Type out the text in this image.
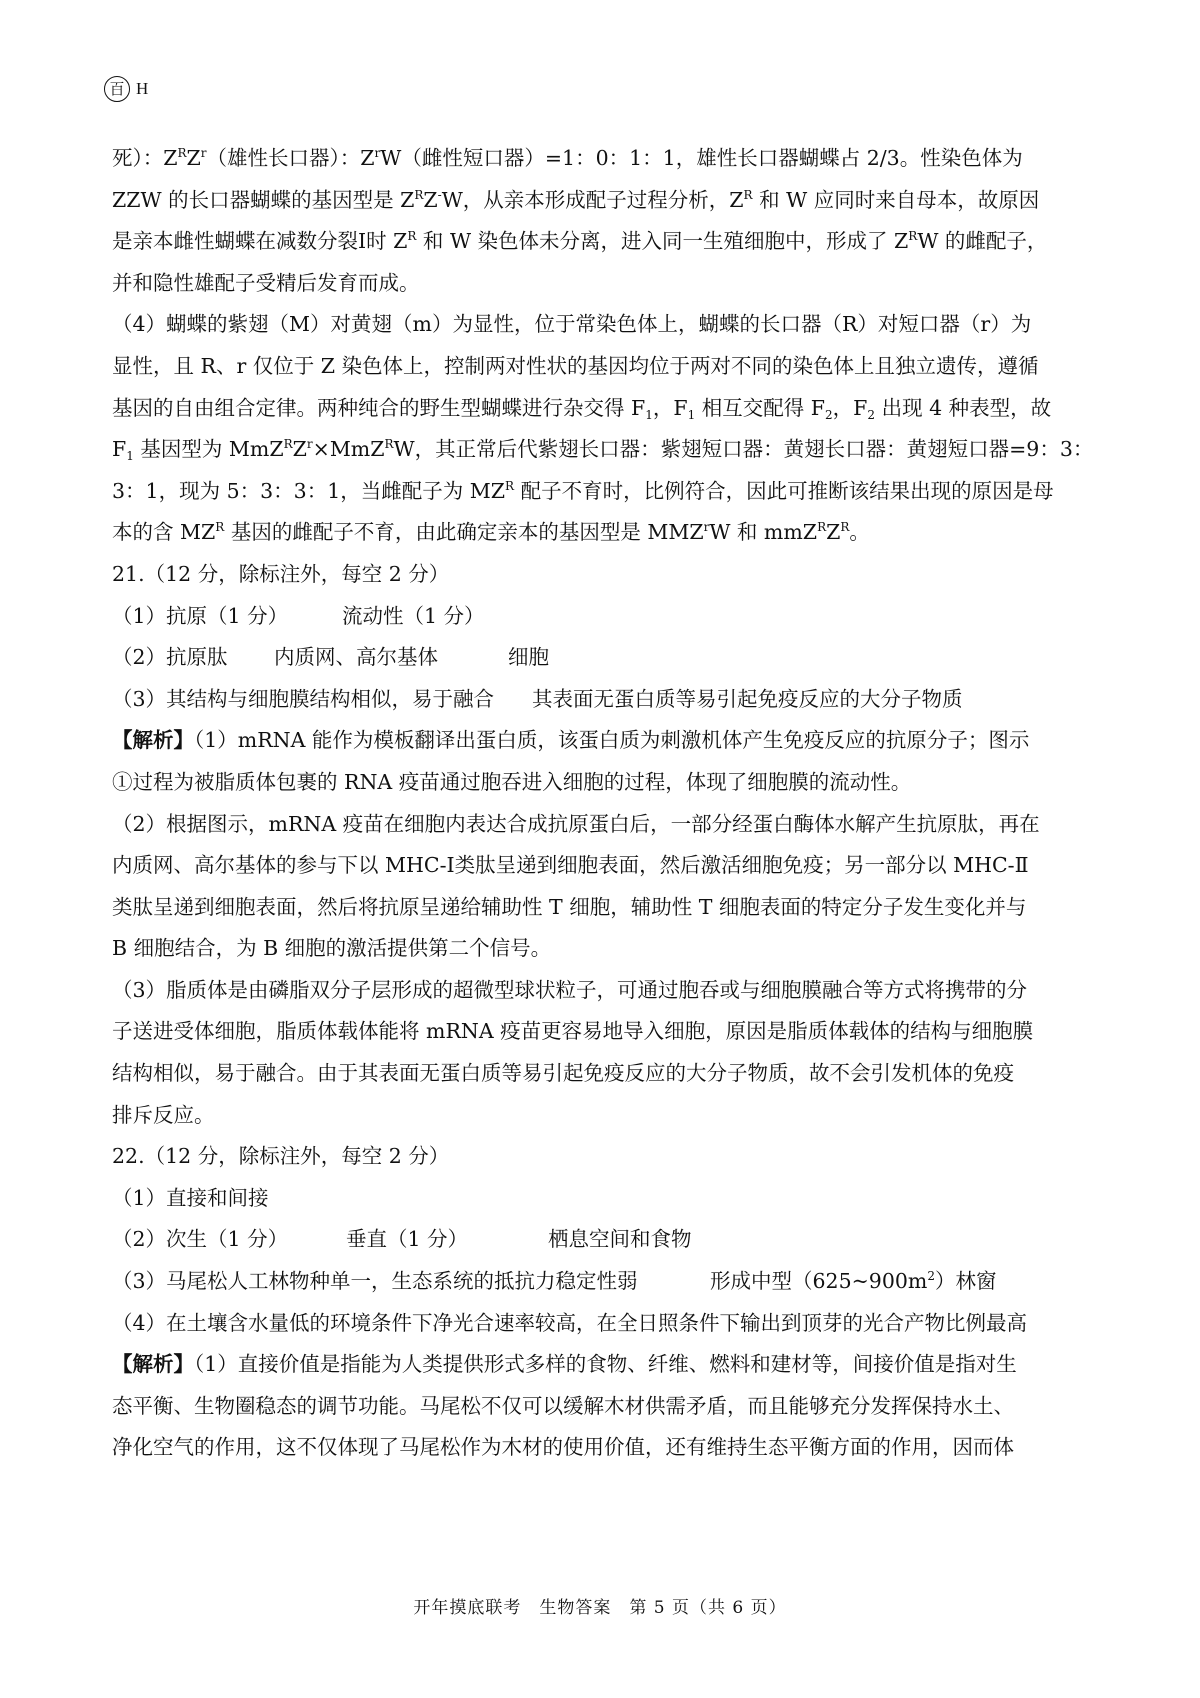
百 H

死）：$Z^RZ^r$（雄性长口器）：$Z^rW$（雌性短口器）=1：0：1：1，雄性长口器蝴蝶占 2/3。性染色体为

ZZW 的长口器蝴蝶的基因型是 $Z^RZ^-W$，从亲本形成配子过程分析，$Z^R$ 和 W 应同时来自母本，故原因

是亲本雌性蝴蝶在减数分裂Ⅰ时 $Z^R$ 和 W 染色体未分离，进入同一生殖细胞中，形成了 $Z^RW$ 的雌配子，

并和隐性雄配子受精后发育而成。

（4）蝴蝶的紫翅（M）对黄翅（m）为显性，位于常染色体上，蝴蝶的长口器（R）对短口器（r）为

显性，且 R、r 仅位于 Z 染色体上，控制两对性状的基因均位于两对不同的染色体上且独立遗传，遵循

基因的自由组合定律。两种纯合的野生型蝴蝶进行杂交得 $F_1$，$F_1$ 相互交配得 $F_2$，$F_2$ 出现 4 种表型，故

$F_1$ 基因型为 $MmZ^RZ^r\times MmZ^RW$，其正常后代紫翅长口器：紫翅短口器：黄翅长口器：黄翅短口器=9：3：

3：1，现为 5：3：3：1，当雌配子为 $MZ^R$ 配子不育时，比例符合，因此可推断该结果出现的原因是母

本的含 $MZ^R$ 基因的雌配子不育，由此确定亲本的基因型是 MMZ$^r$W 和 $mmZ^RZ^R$。

21.（12 分，除标注外，每空 2 分）

（1）抗原（1 分）	流动性（1 分）
（2）抗原肽	内质网、高尔基体	细胞
（3）其结构与细胞膜结构相似，易于融合	其表面无蛋白质等易引起免疫反应的大分子物质

【解析】（1）mRNA 能作为模板翻译出蛋白质，该蛋白质为刺激机体产生免疫反应的抗原分子；图示

①过程为被脂质体包裹的 RNA 疫苗通过胞吞进入细胞的过程，体现了细胞膜的流动性。

（2）根据图示，mRNA 疫苗在细胞内表达合成抗原蛋白后，一部分经蛋白酶体水解产生抗原肽，再在

内质网、高尔基体的参与下以 MHC-Ⅰ类肽呈递到细胞表面，然后激活细胞免疫；另一部分以 MHC-Ⅱ

类肽呈递到细胞表面，然后将抗原呈递给辅助性 T 细胞，辅助性 T 细胞表面的特定分子发生变化并与

B 细胞结合，为 B 细胞的激活提供第二个信号。

（3）脂质体是由磷脂双分子层形成的超微型球状粒子，可通过胞吞或与细胞膜融合等方式将携带的分

子送进受体细胞，脂质体载体能将 mRNA 疫苗更容易地导入细胞，原因是脂质体载体的结构与细胞膜

结构相似，易于融合。由于其表面无蛋白质等易引起免疫反应的大分子物质，故不会引发机体的免疫

排斥反应。

22.（12 分，除标注外，每空 2 分）

（1）直接和间接

（2）次生（1 分）	垂直（1 分）	栖息空间和食物
（3）马尾松人工林物种单一，生态系统的抵抗力稳定性弱	形成中型$(625\sim 900m^2)$林窗

（4）在土壤含水量低的环境条件下净光合速率较高，在全日照条件下输出到顶芽的光合产物比例最高

【解析】（1）直接价值是指能为人类提供形式多样的食物、纤维、燃料和建材等，间接价值是指对生

态平衡、生物圈稳态的调节功能。马尾松不仅可以缓解木材供需矛盾，而且能够充分发挥保持水土、

净化空气的作用，这不仅体现了马尾松作为木材的使用价值，还有维持生态平衡方面的作用，因而体

开年摸底联考　生物答案　第 5 页（共 6 页）
